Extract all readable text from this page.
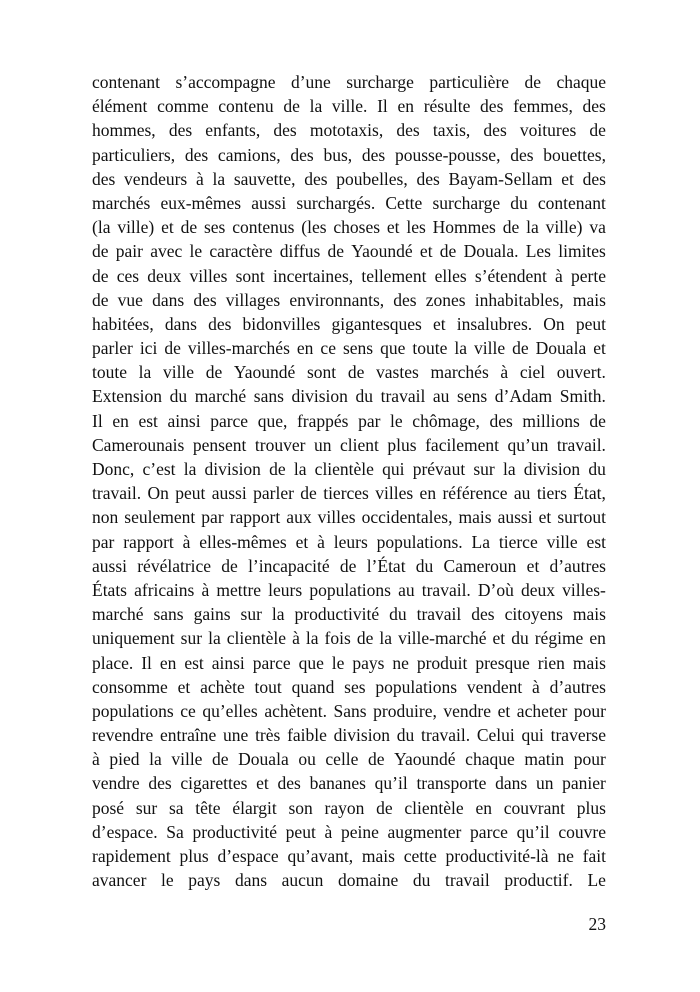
contenant s’accompagne d’une surcharge particulière de chaque
élément comme contenu de la ville. Il en résulte des femmes, des
hommes, des enfants, des mototaxis, des taxis, des voitures de
particuliers, des camions, des bus, des pousse-pousse, des bouettes,
des vendeurs à la sauvette, des poubelles, des Bayam-Sellam et des
marchés eux-mêmes aussi surchargés. Cette surcharge du contenant
(la ville) et de ses contenus (les choses et les Hommes de la ville) va
de pair avec le caractère diffus de Yaoundé et de Douala. Les limites
de ces deux villes sont incertaines, tellement elles s’étendent à perte
de vue dans des villages environnants, des zones inhabitables, mais
habitées, dans des bidonvilles gigantesques et insalubres. On peut
parler ici de villes-marchés en ce sens que toute la ville de Douala et
toute la ville de Yaoundé sont de vastes marchés à ciel ouvert.
Extension du marché sans division du travail au sens d’Adam Smith.
Il en est ainsi parce que, frappés par le chômage, des millions de
Camerounais pensent trouver un client plus facilement qu’un travail.
Donc, c’est la division de la clientèle qui prévaut sur la division du
travail. On peut aussi parler de tierces villes en référence au tiers État,
non seulement par rapport aux villes occidentales, mais aussi et surtout
par rapport à elles-mêmes et à leurs populations. La tierce ville est
aussi révélatrice de l’incapacité de l’État du Cameroun et d’autres
États africains à mettre leurs populations au travail. D’où deux villes-
marché sans gains sur la productivité du travail des citoyens mais
uniquement sur la clientèle à la fois de la ville-marché et du régime en
place. Il en est ainsi parce que le pays ne produit presque rien mais
consomme et achète tout quand ses populations vendent à d’autres
populations ce qu’elles achètent. Sans produire, vendre et acheter pour
revendre entraîne une très faible division du travail. Celui qui traverse
à pied la ville de Douala ou celle de Yaoundé chaque matin pour
vendre des cigarettes et des bananes qu’il transporte dans un panier
posé sur sa tête élargit son rayon de clientèle en couvrant plus
d’espace. Sa productivité peut à peine augmenter parce qu’il couvre
rapidement plus d’espace qu’avant, mais cette productivité-là ne fait
avancer le pays dans aucun domaine du travail productif. Le
23
